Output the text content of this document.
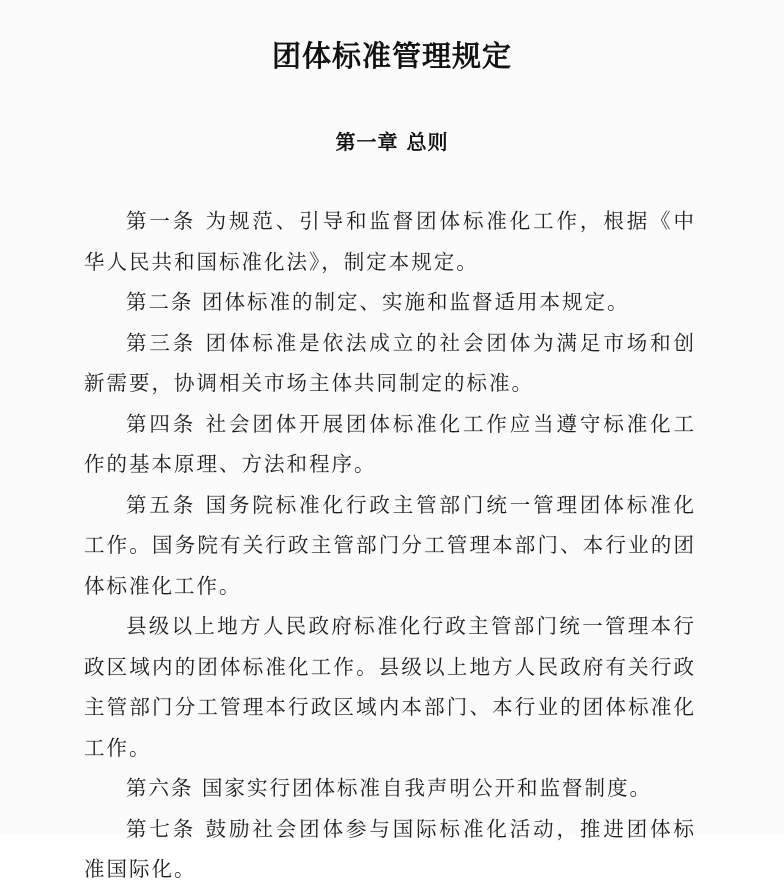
团体标准管理规定
第一章 总则

第一条 为规范、引导和监督团体标准化工作，根据《中华人民共和国标准化法》，制定本规定。

第二条 团体标准的制定、实施和监督适用本规定。

第三条 团体标准是依法成立的社会团体为满足市场和创新需要，协调相关市场主体共同制定的标准。

第四条 社会团体开展团体标准化工作应当遵守标准化工作的基本原理、方法和程序。

第五条 国务院标准化行政主管部门统一管理团体标准化工作。国务院有关行政主管部门分工管理本部门、本行业的团体标准化工作。

县级以上地方人民政府标准化行政主管部门统一管理本行政区域内的团体标准化工作。县级以上地方人民政府有关行政主管部门分工管理本行政区域内本部门、本行业的团体标准化工作。

第六条 国家实行团体标准自我声明公开和监督制度。

第七条 鼓励社会团体参与国际标准化活动，推进团体标准国际化。
